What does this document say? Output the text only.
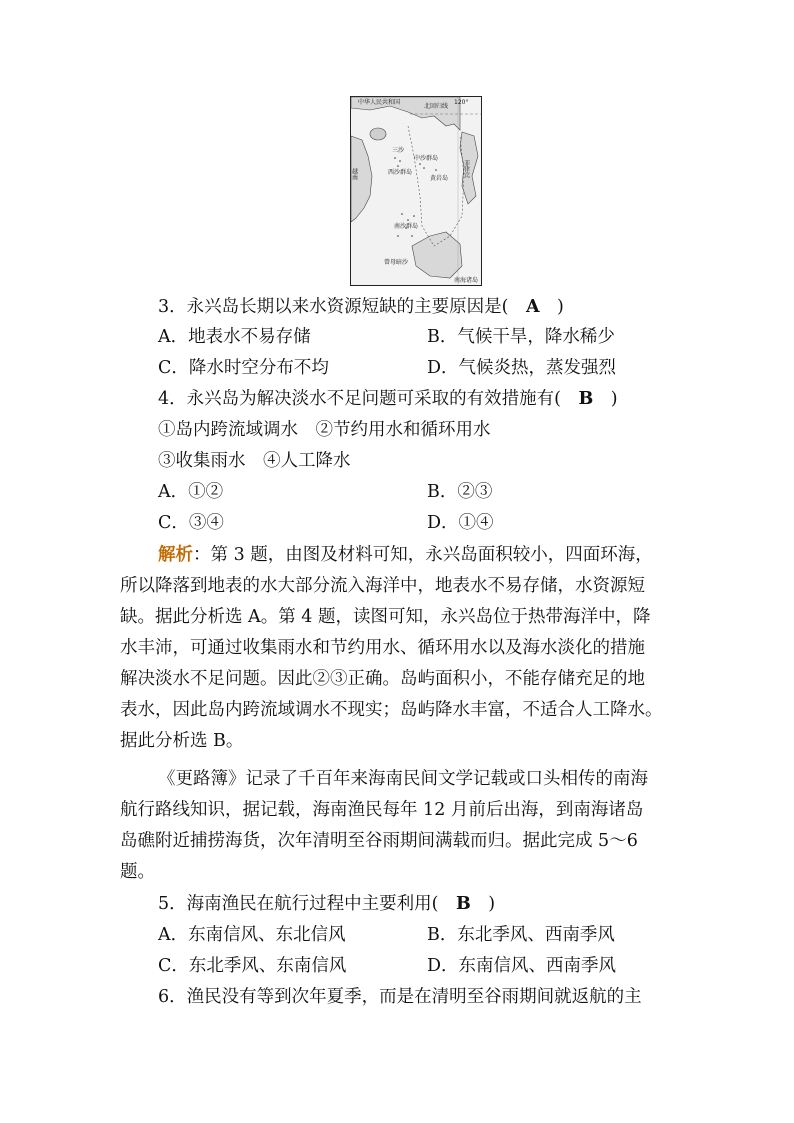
中华人民共和国
北回归线
120°
三沙
西沙群岛
中沙群岛
黄岩岛
南沙群岛
曾母暗沙
南海诸岛
菲律宾
越南
3．永兴岛长期以来水资源短缺的主要原因是(　 A　 )
A．地表水不易存储	B．气候干旱，降水稀少
C．降水时空分布不均	D．气候炎热，蒸发强烈
4．永兴岛为解决淡水不足问题可采取的有效措施有(　 B　 )
①岛内跨流域调水　②节约用水和循环用水
③收集雨水　④人工降水
A．①②	B．②③
C．③④	D．①④
解析：第 3 题，由图及材料可知，永兴岛面积较小，四面环海，
所以降落到地表的水大部分流入海洋中，地表水不易存储，水资源短
缺。据此分析选 A。第 4 题，读图可知，永兴岛位于热带海洋中，降
水丰沛，可通过收集雨水和节约用水、循环用水以及海水淡化的措施
解决淡水不足问题。因此②③正确。岛屿面积小，不能存储充足的地
表水，因此岛内跨流域调水不现实；岛屿降水丰富，不适合人工降水。
据此分析选 B。
《更路簿》记录了千百年来海南民间文学记载或口头相传的南海
航行路线知识，据记载，海南渔民每年 12 月前后出海，到南海诸岛
岛礁附近捕捞海货，次年清明至谷雨期间满载而归。据此完成 5～6
题。
5．海南渔民在航行过程中主要利用(　 B　 )
A．东南信风、东北信风	B．东北季风、西南季风
C．东北季风、东南信风	D．东南信风、西南季风
6．渔民没有等到次年夏季，而是在清明至谷雨期间就返航的主
